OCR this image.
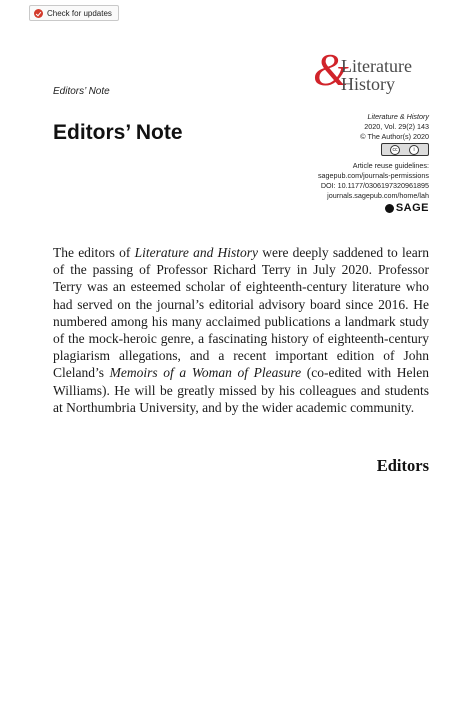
Check for updates
Editors’ Note	&
Literature
History
Editors’ Note
Literature & History
2020, Vol. 29(2) 143
© The Author(s) 2020
cc	i
Article reuse guidelines:
sagepub.com/journals-permissions
DOI: 10.1177/0306197320961895
journals.sagepub.com/home/lah
SAGE

The editors of Literature and History were deeply saddened to learn of the passing of Professor Richard Terry in July 2020. Professor Terry was an esteemed scholar of eighteenth-century literature who had served on the journal’s editorial advisory board since 2016. He numbered among his many acclaimed publications a landmark study of the mock-heroic genre, a fascinating history of eighteenth-century plagiarism allegations, and a recent important edition of John Cleland’s Memoirs of a Woman of Pleasure (co-edited with Helen Williams). He will be greatly missed by his colleagues and students at Northumbria University, and by the wider academic community.

Editors
